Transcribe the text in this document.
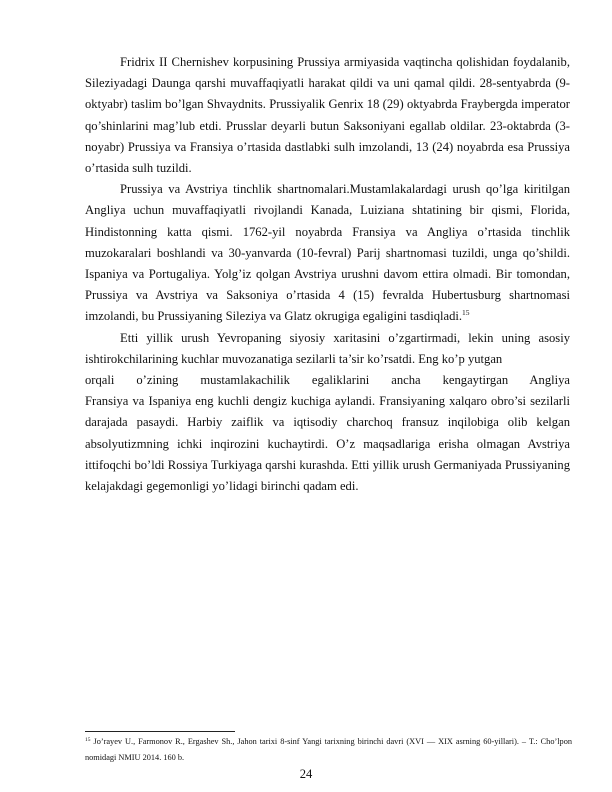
Fridrix II Chernishev korpusining Prussiya armiyasida vaqtincha qolishidan foydalanib, Sileziyadagi Daunga qarshi muvaffaqiyatli harakat qildi va uni qamal qildi. 28-sentyabrda (9-oktyabr) taslim bo’lgan Shvaydnits. Prussiyalik Genrix 18 (29) oktyabrda Fraybergda imperator qo’shinlarini mag’lub etdi. Prusslar deyarli butun Saksoniyani egallab oldilar. 23-oktabrda (3-noyabr) Prussiya va Fransiya o’rtasida dastlabki sulh imzolandi, 13 (24) noyabrda esa Prussiya o’rtasida sulh tuzildi.

Prussiya va Avstriya tinchlik shartnomalari.Mustamlakalardagi urush qo’lga kiritilgan Angliya uchun muvaffaqiyatli rivojlandi Kanada, Luiziana shtatining bir qismi, Florida, Hindistonning katta qismi. 1762-yil noyabrda Fransiya va Angliya o’rtasida tinchlik muzokaralari boshlandi va 30-yanvarda (10-fevral) Parij shartnomasi tuzildi, unga qo’shildi. Ispaniya va Portugaliya. Yolg’iz qolgan Avstriya urushni davom ettira olmadi. Bir tomondan, Prussiya va Avstriya va Saksoniya o’rtasida 4 (15) fevralda Hubertusburg shartnomasi imzolandi, bu Prussiyaning Sileziya va Glatz okrugiga egaligini tasdiqladi.$^{15}$

Etti yillik urush Yevropaning siyosiy xaritasini o’zgartirmadi, lekin uning asosiy ishtirokchilarining kuchlar muvozanatiga sezilarli ta’sir ko’rsatdi. Eng ko’p yutgan

orqali o’zining mustamlakachilik egaliklarini ancha kengaytirgan Angliya

Fransiya va Ispaniya eng kuchli dengiz kuchiga aylandi. Fransiyaning xalqaro obro’si sezilarli darajada pasaydi. Harbiy zaiflik va iqtisodiy charchoq fransuz inqilobiga olib kelgan absolyutizmning ichki inqirozini kuchaytirdi. O’z maqsadlariga erisha olmagan Avstriya ittifoqchi bo’ldi Rossiya Turkiyaga qarshi kurashda. Etti yillik urush Germaniyada Prussiyaning kelajakdagi gegemonligi yo’lidagi birinchi qadam edi.

$^{15}$ Jo’rayev U., Farmonov R., Ergashev Sh., Jahon tarixi 8-sinf Yangi tarixning birinchi davri (XVI — XIX asrning 60-yillari). – T.: Cho’lpon nomidagi NMIU 2014. 160 b.
24
